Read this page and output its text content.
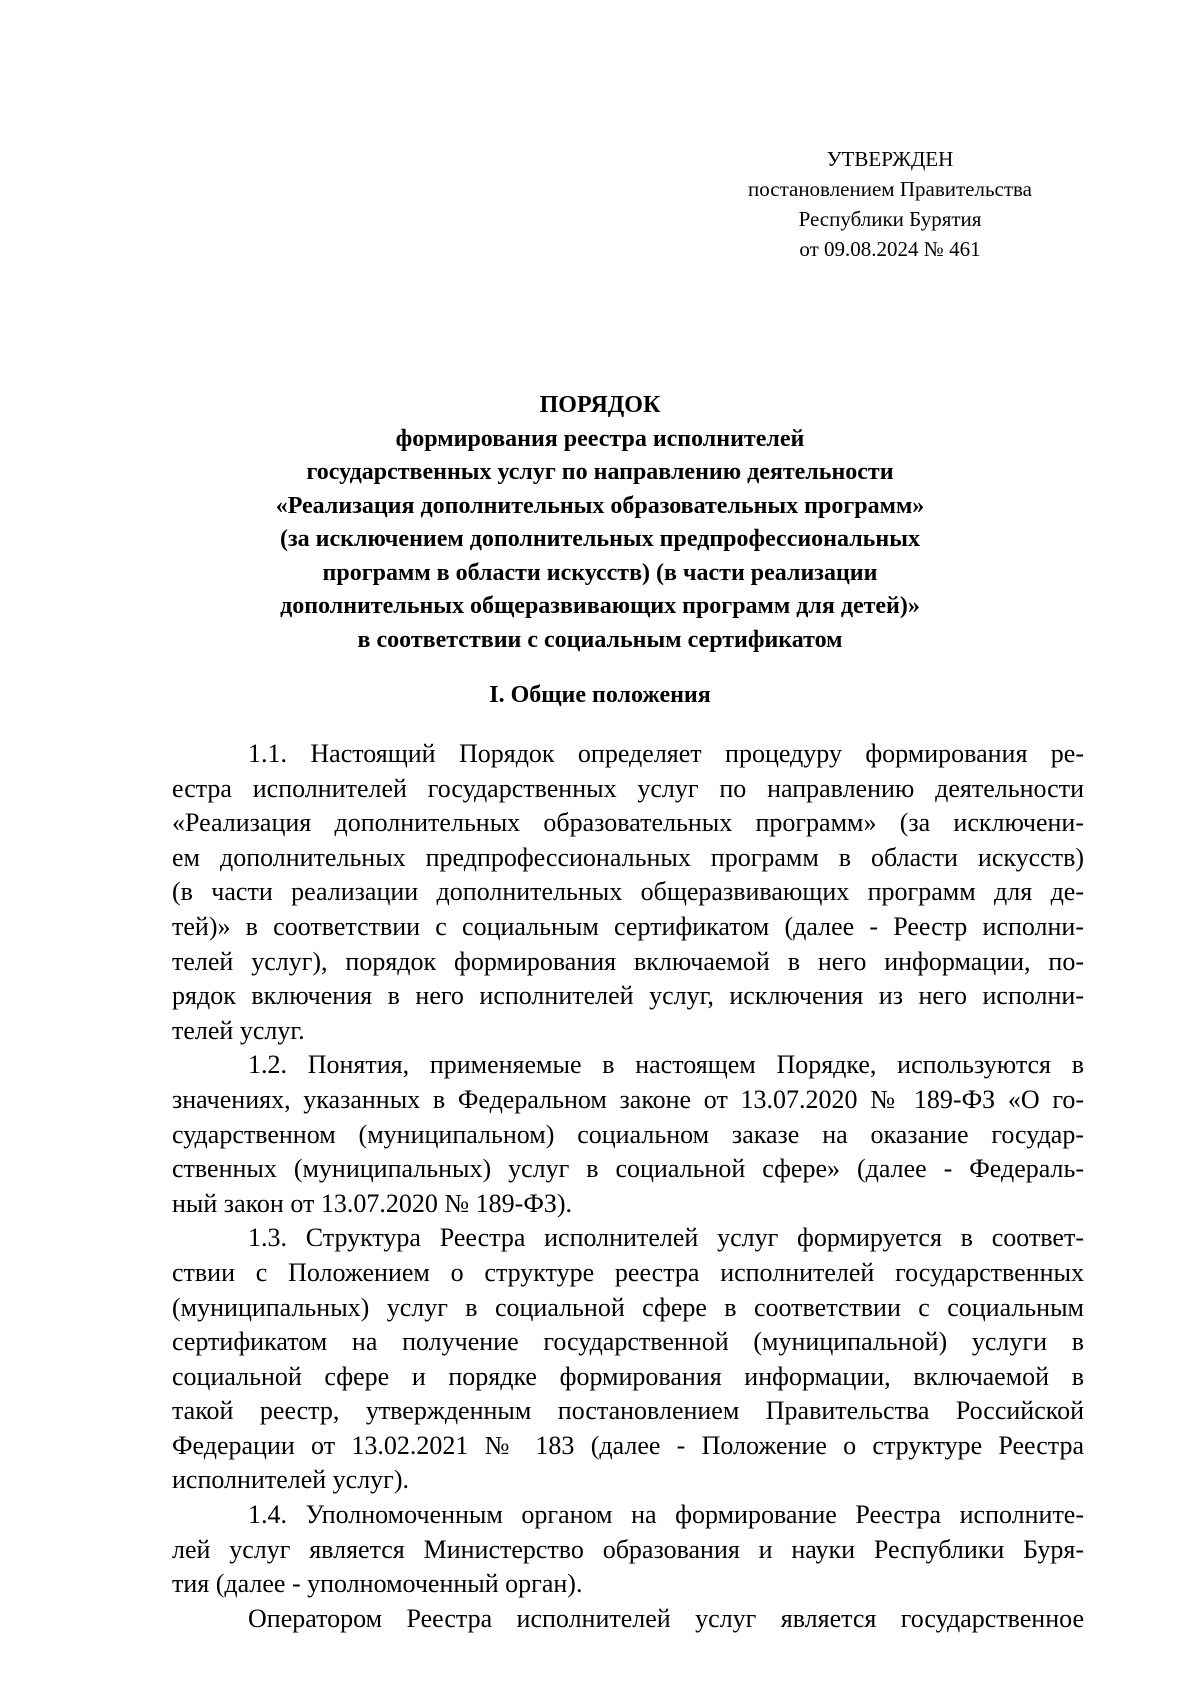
УТВЕРЖДЕН
постановлением Правительства
Республики Бурятия
от 09.08.2024 № 461
ПОРЯДОК
формирования реестра исполнителей
государственных услуг по направлению деятельности
«Реализация дополнительных образовательных программ»
(за исключением дополнительных предпрофессиональных
программ в области искусств) (в части реализации
дополнительных общеразвивающих программ для детей)»
в соответствии с социальным сертификатом
I. Общие положения
1.1. Настоящий Порядок определяет процедуру формирования ре-
естра исполнителей государственных услуг по направлению деятельности
«Реализация дополнительных образовательных программ» (за исключени-
ем дополнительных предпрофессиональных программ в области искусств)
(в части реализации дополнительных общеразвивающих программ для де-
тей)» в соответствии с социальным сертификатом (далее - Реестр исполни-
телей услуг), порядок формирования включаемой в него информации, по-
рядок включения в него исполнителей услуг, исключения из него исполни-
телей услуг.
1.2. Понятия, применяемые в настоящем Порядке, используются в
значениях, указанных в Федеральном законе от 13.07.2020 № 189-ФЗ «О го-
сударственном (муниципальном) социальном заказе на оказание государ-
ственных (муниципальных) услуг в социальной сфере» (далее - Федераль-
ный закон от 13.07.2020 № 189-ФЗ).
1.3. Структура Реестра исполнителей услуг формируется в соответ-
ствии с Положением о структуре реестра исполнителей государственных
(муниципальных) услуг в социальной сфере в соответствии с социальным
сертификатом на получение государственной (муниципальной) услуги в
социальной сфере и порядке формирования информации, включаемой в
такой реестр, утвержденным постановлением Правительства Российской
Федерации от 13.02.2021 № 183 (далее - Положение о структуре Реестра
исполнителей услуг).
1.4. Уполномоченным органом на формирование Реестра исполните-
лей услуг является Министерство образования и науки Республики Буря-
тия (далее - уполномоченный орган).
Оператором Реестра исполнителей услуг является государственное
